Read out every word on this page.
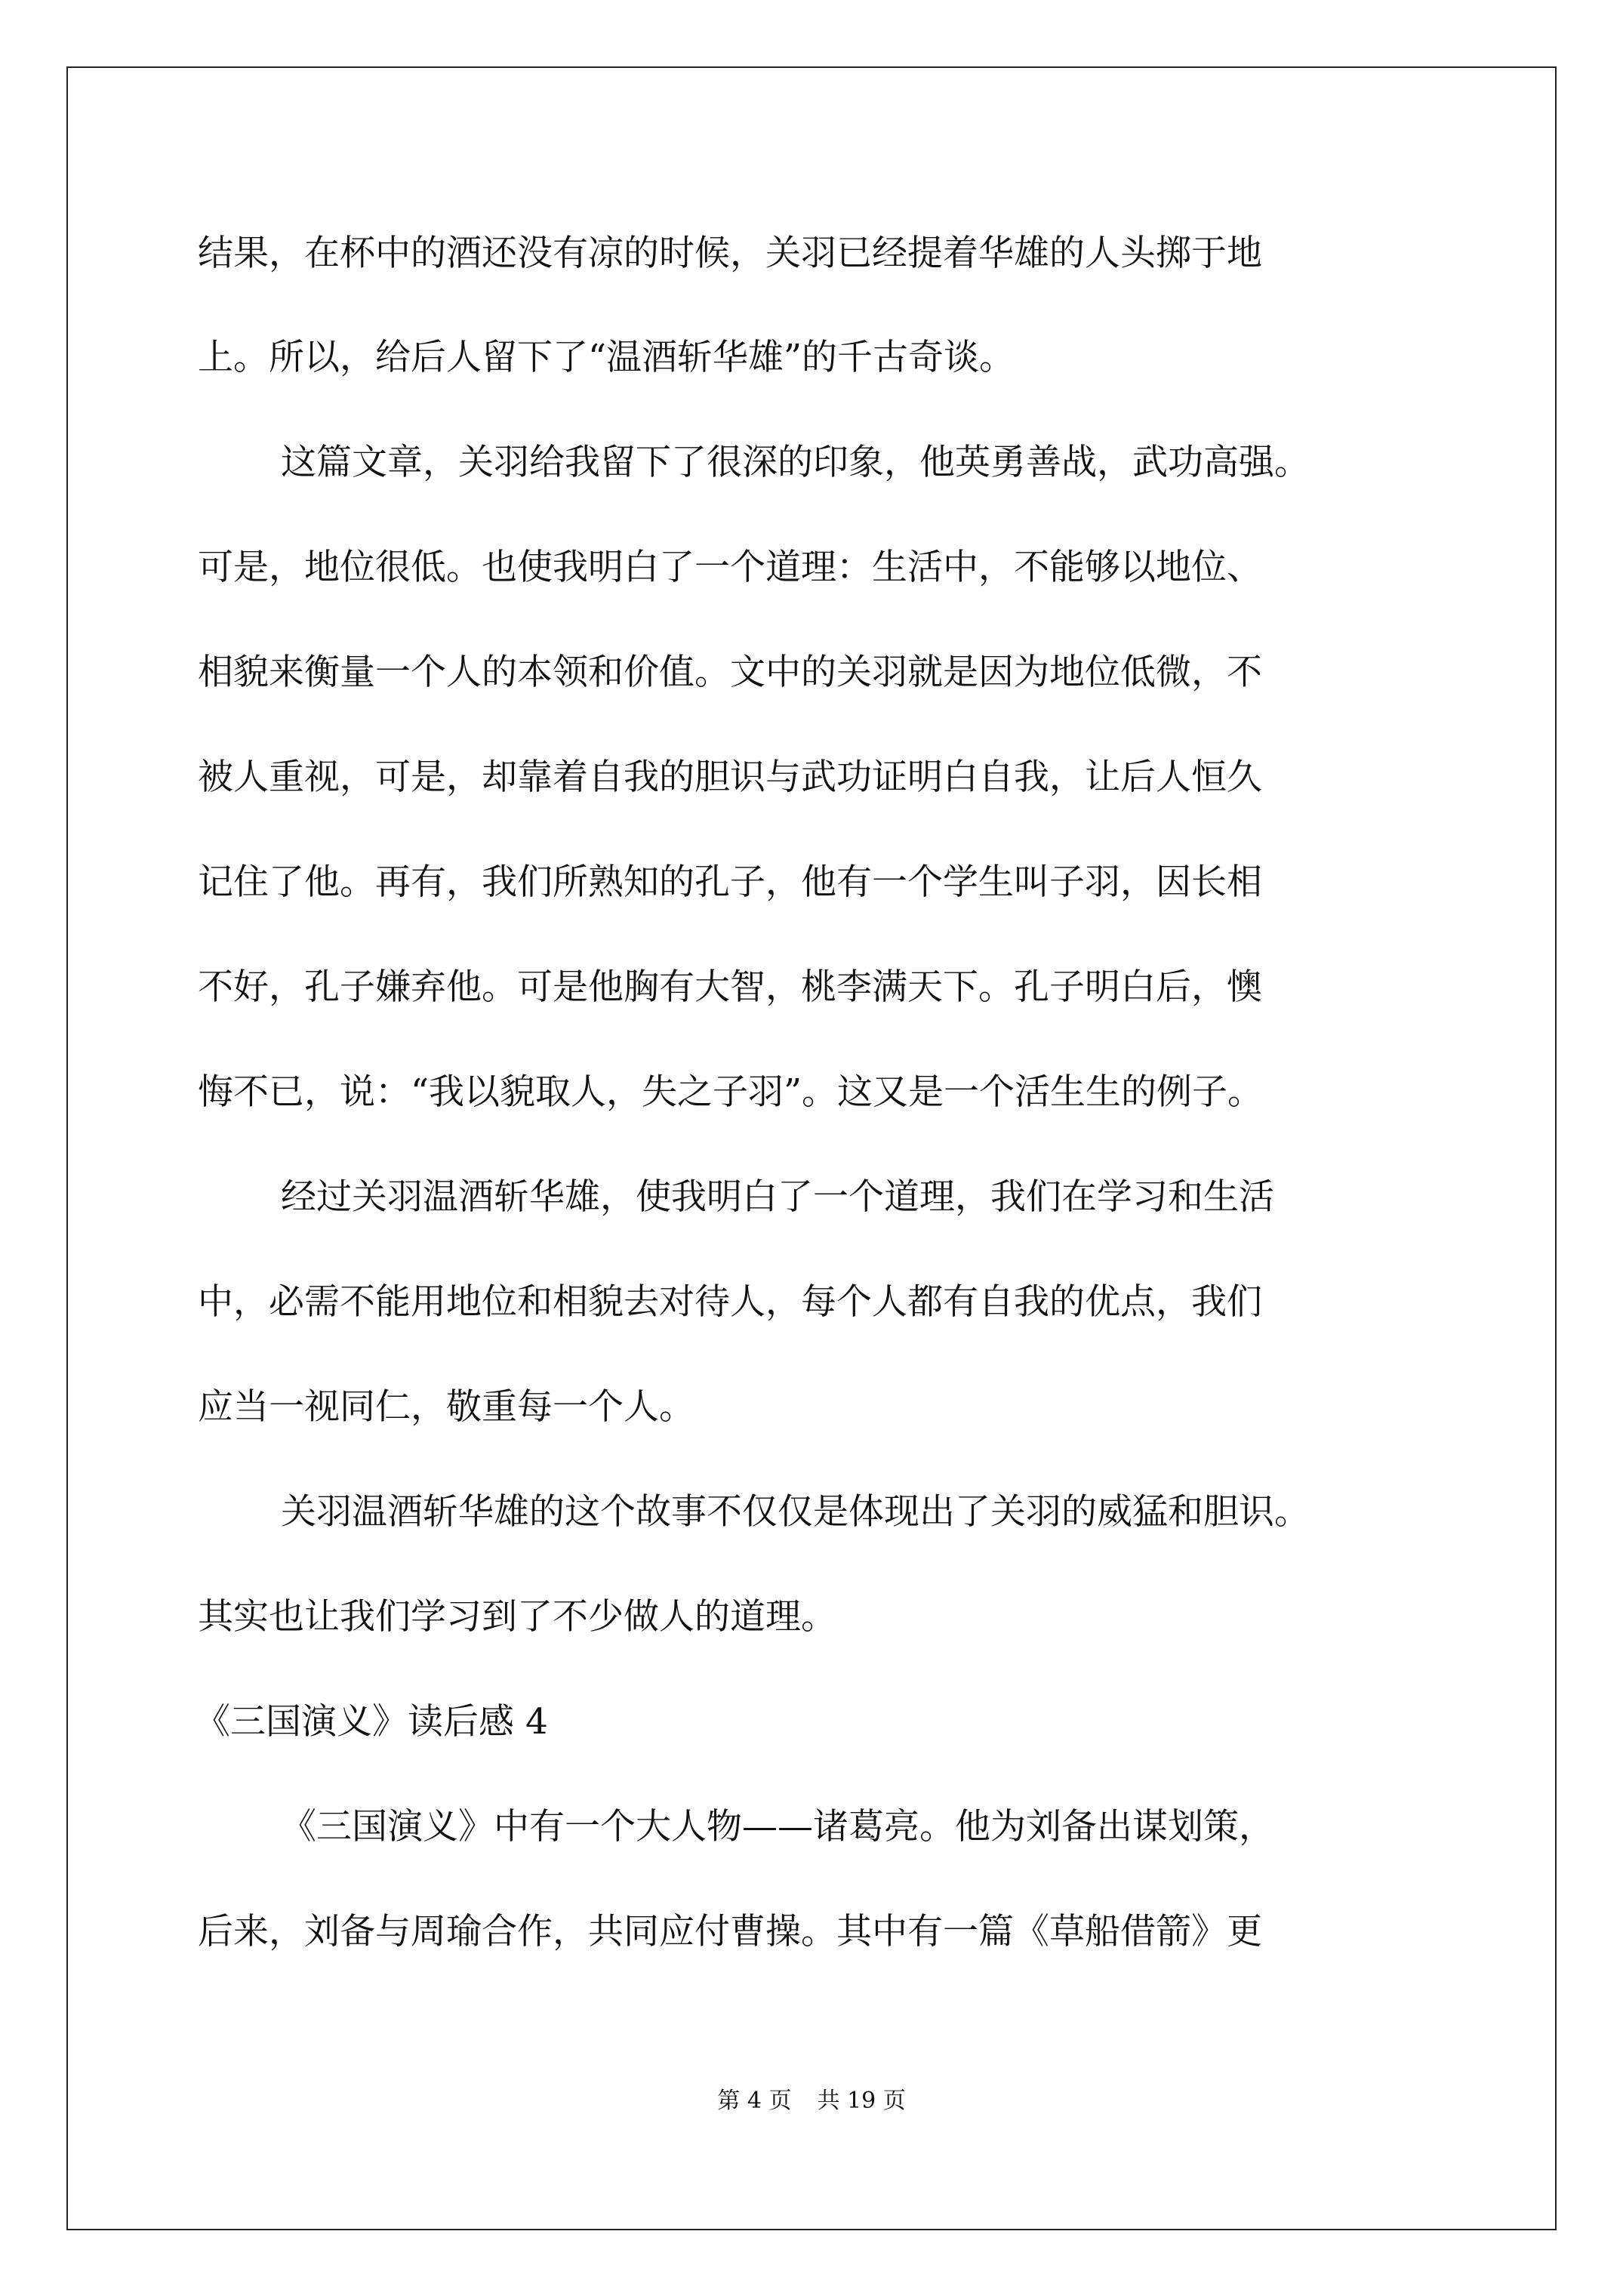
结果，在杯中的酒还没有凉的时候，关羽已经提着华雄的人头掷于地
上。所以，给后人留下了“温酒斩华雄”的千古奇谈。
这篇文章，关羽给我留下了很深的印象，他英勇善战，武功高强。
可是，地位很低。也使我明白了一个道理：生活中，不能够以地位、
相貌来衡量一个人的本领和价值。文中的关羽就是因为地位低微，不
被人重视，可是，却靠着自我的胆识与武功证明白自我，让后人恒久
记住了他。再有，我们所熟知的孔子，他有一个学生叫子羽，因长相
不好，孔子嫌弃他。可是他胸有大智，桃李满天下。孔子明白后，懊
悔不已，说：“我以貌取人，失之子羽”。这又是一个活生生的例子。
经过关羽温酒斩华雄，使我明白了一个道理，我们在学习和生活
中，必需不能用地位和相貌去对待人，每个人都有自我的优点，我们
应当一视同仁，敬重每一个人。
关羽温酒斩华雄的这个故事不仅仅是体现出了关羽的威猛和胆识。
其实也让我们学习到了不少做人的道理。
《三国演义》读后感 4
《三国演义》中有一个大人物——诸葛亮。他为刘备出谋划策，
后来，刘备与周瑜合作，共同应付曹操。其中有一篇《草船借箭》更
第 4 页 共 19 页
